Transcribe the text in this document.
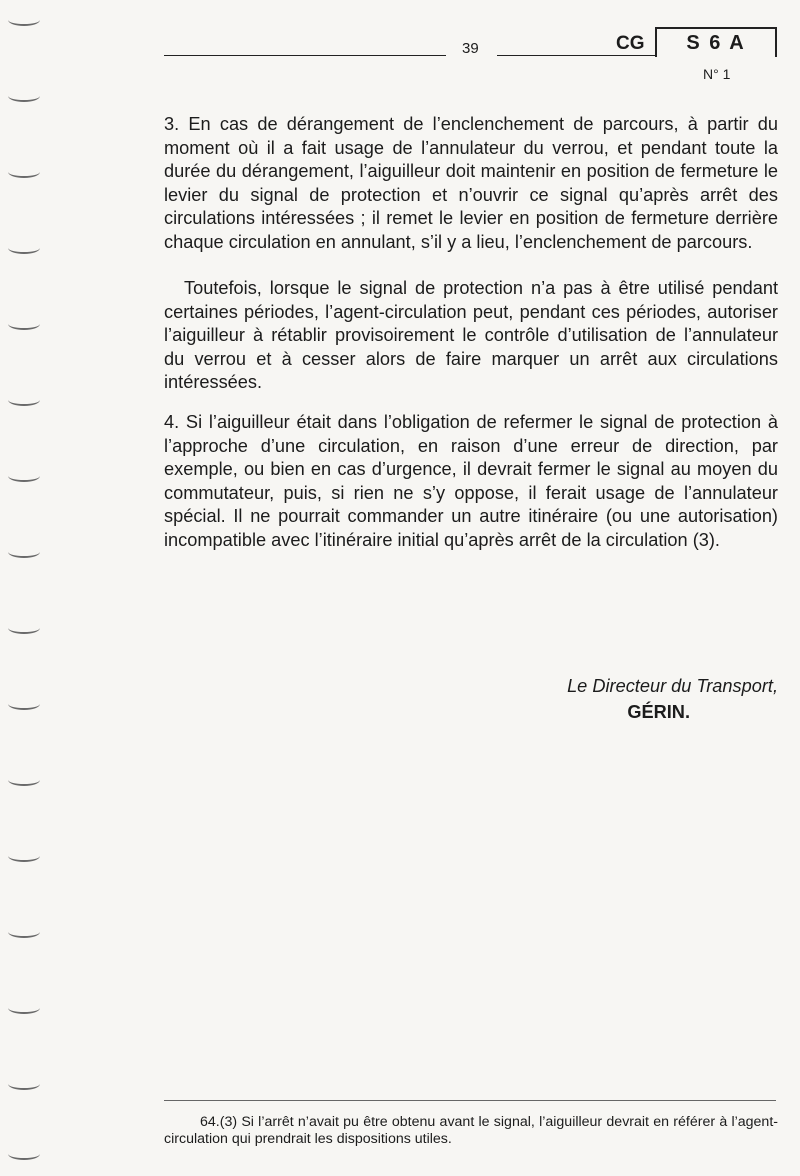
39	CG	S 6 A
N° 1

3. En cas de dérangement de l’enclenchement de parcours, à partir du moment où il a fait usage de l’annulateur du verrou, et pendant toute la durée du dérangement, l’aiguilleur doit maintenir en position de fermeture le levier du signal de protection et n’ouvrir ce signal qu’après arrêt des circulations intéressées ; il remet le levier en position de fermeture derrière chaque circulation en annulant, s’il y a lieu, l’enclenchement de parcours.

Toutefois, lorsque le signal de protection n’a pas à être utilisé pendant certaines périodes, l’agent-circulation peut, pendant ces périodes, autoriser l’aiguilleur à rétablir provisoirement le contrôle d’utilisation de l’annulateur du verrou et à cesser alors de faire marquer un arrêt aux circulations intéressées.

4. Si l’aiguilleur était dans l’obligation de refermer le signal de protection à l’approche d’une circulation, en raison d’une erreur de direction, par exemple, ou bien en cas d’urgence, il devrait fermer le signal au moyen du commutateur, puis, si rien ne s’y oppose, il ferait usage de l’annulateur spécial. Il ne pourrait commander un autre itinéraire (ou une autorisation) incompatible avec l’itinéraire initial qu’après arrêt de la circulation (3).

Le Directeur du Transport,
GÉRIN.

64.(3) Si l’arrêt n’avait pu être obtenu avant le signal, l’aiguilleur devrait en référer à l’agent-circulation qui prendrait les dispositions utiles.
